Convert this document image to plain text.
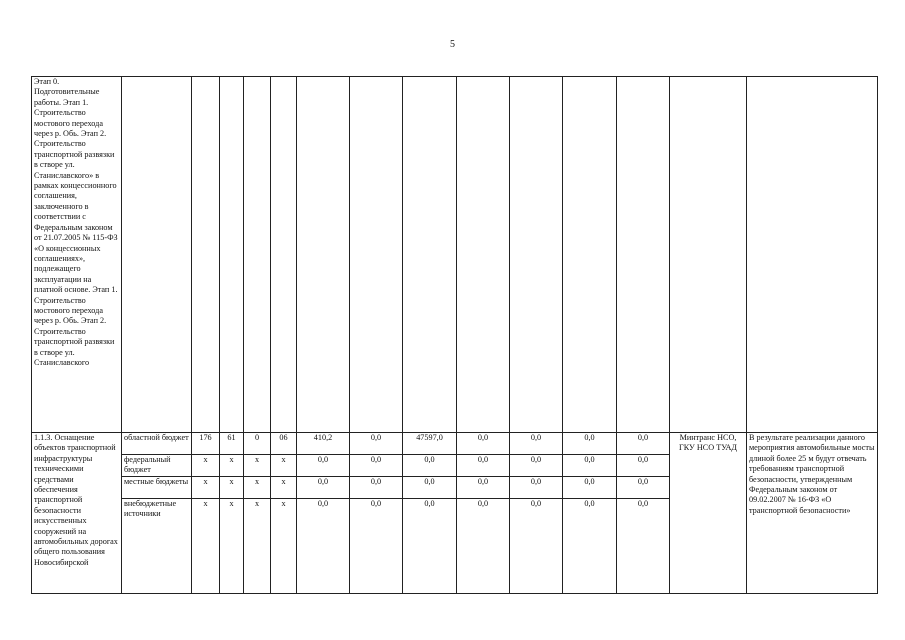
5
Этап 0. Подготовительные работы. Этап 1. Строительство мостового перехода через р. Обь. Этап 2. Строительство транспортной развязки в створе ул. Станиславского» в рамках концессионного соглашения, заключенного в соответствии с Федеральным законом от 21.07.2005 № 115-ФЗ «О концессионных соглашениях», подлежащего эксплуатации на платной основе. Этап 1. Строительство мостового перехода через р. Обь. Этап 2. Строительство транспортной развязки в створе ул. Станиславского														
1.1.3. Оснащение объектов транспортной инфраструктуры техническими средствами обеспечения транспортной безопасности искусственных сооружений на автомобильных дорогах общего пользования Новосибирской	областной бюджет	176	61	0	06	410,2	0,0	47597,0	0,0	0,0	0,0	0,0	Минтранс НСО, ГКУ НСО ТУАД	В результате реализации данного мероприятия автомобильные мосты длиной более 25 м будут отвечать требованиям транспортной безопасности, утвержденным Федеральным законом от 09.02.2007 № 16-ФЗ «О транспортной безопасности»
	федеральный бюджет	x	x	x	x	0,0	0,0	0,0	0,0	0,0	0,0	0,0		
	местные бюджеты	x	x	x	x	0,0	0,0	0,0	0,0	0,0	0,0	0,0		
	внебюджетные источники	x	x	x	x	0,0	0,0	0,0	0,0	0,0	0,0	0,0		
